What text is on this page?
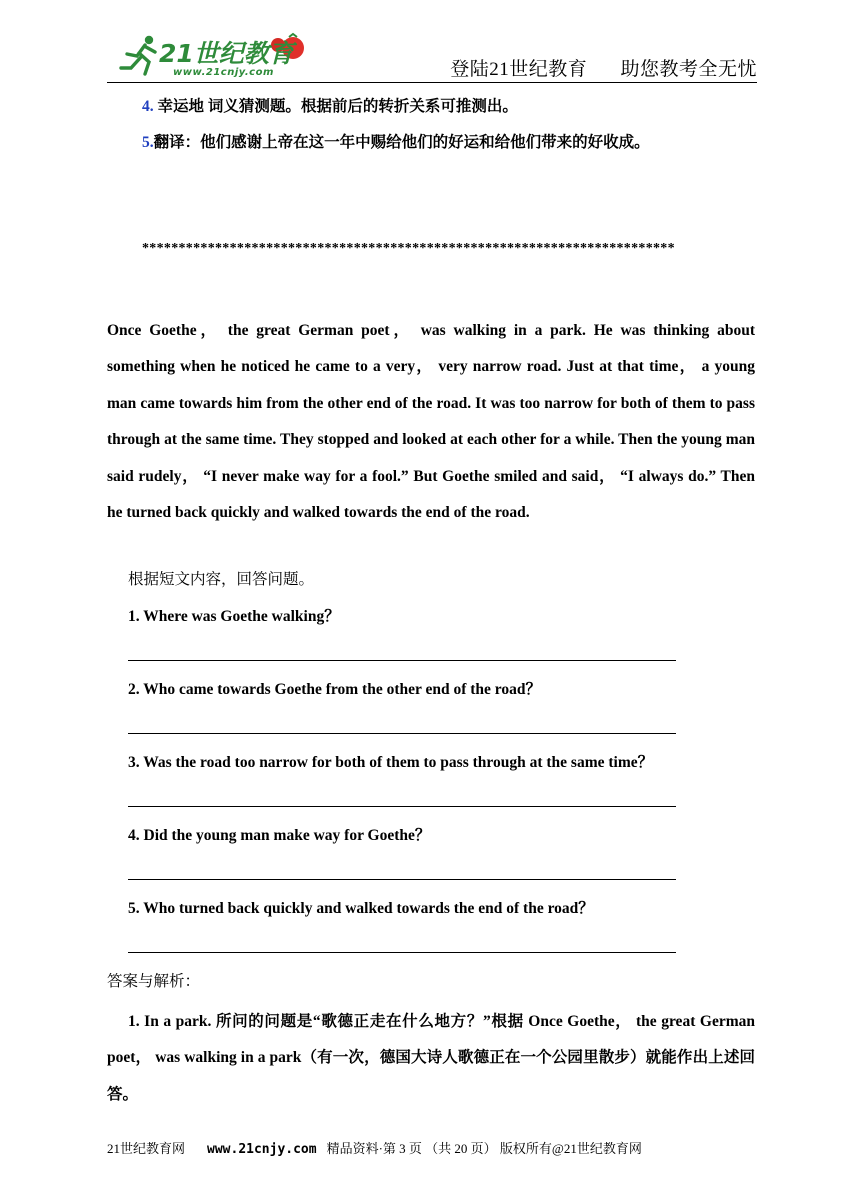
21世纪教育
www.21cnjy.com	登陆21世纪教育 助您教考全无忧
4. 幸运地 词义猜测题。根据前后的转折关系可推测出。
5.翻译：他们感谢上帝在这一年中赐给他们的好运和给他们带来的好收成。
*************************************************************************
Once Goethe， the great German poet， was walking in a park. He was thinking about something when he noticed he came to a very， very narrow road. Just at that time， a young man came towards him from the other end of the road. It was too narrow for both of them to pass through at the same time. They stopped and looked at each other for a while. Then the young man said rudely， “I never make way for a fool.” But Goethe smiled and said， “I always do.” Then he turned back quickly and walked towards the end of the road.
根据短文内容，回答问题。
1. Where was Goethe walking？
2. Who came towards Goethe from the other end of the road？
3. Was the road too narrow for both of them to pass through at the same time？
4. Did the young man make way for Goethe？
5. Who turned back quickly and walked towards the end of the road？
答案与解析：
1. In a park. 所问的问题是“歌德正走在什么地方？”根据 Once Goethe， the great German poet， was walking in a park（有一次，德国大诗人歌德正在一个公园里散步）就能作出上述回答。
21世纪教育网 www.21cnjy.com 精品资料·第 3 页 （共 20 页） 版权所有@21世纪教育网
